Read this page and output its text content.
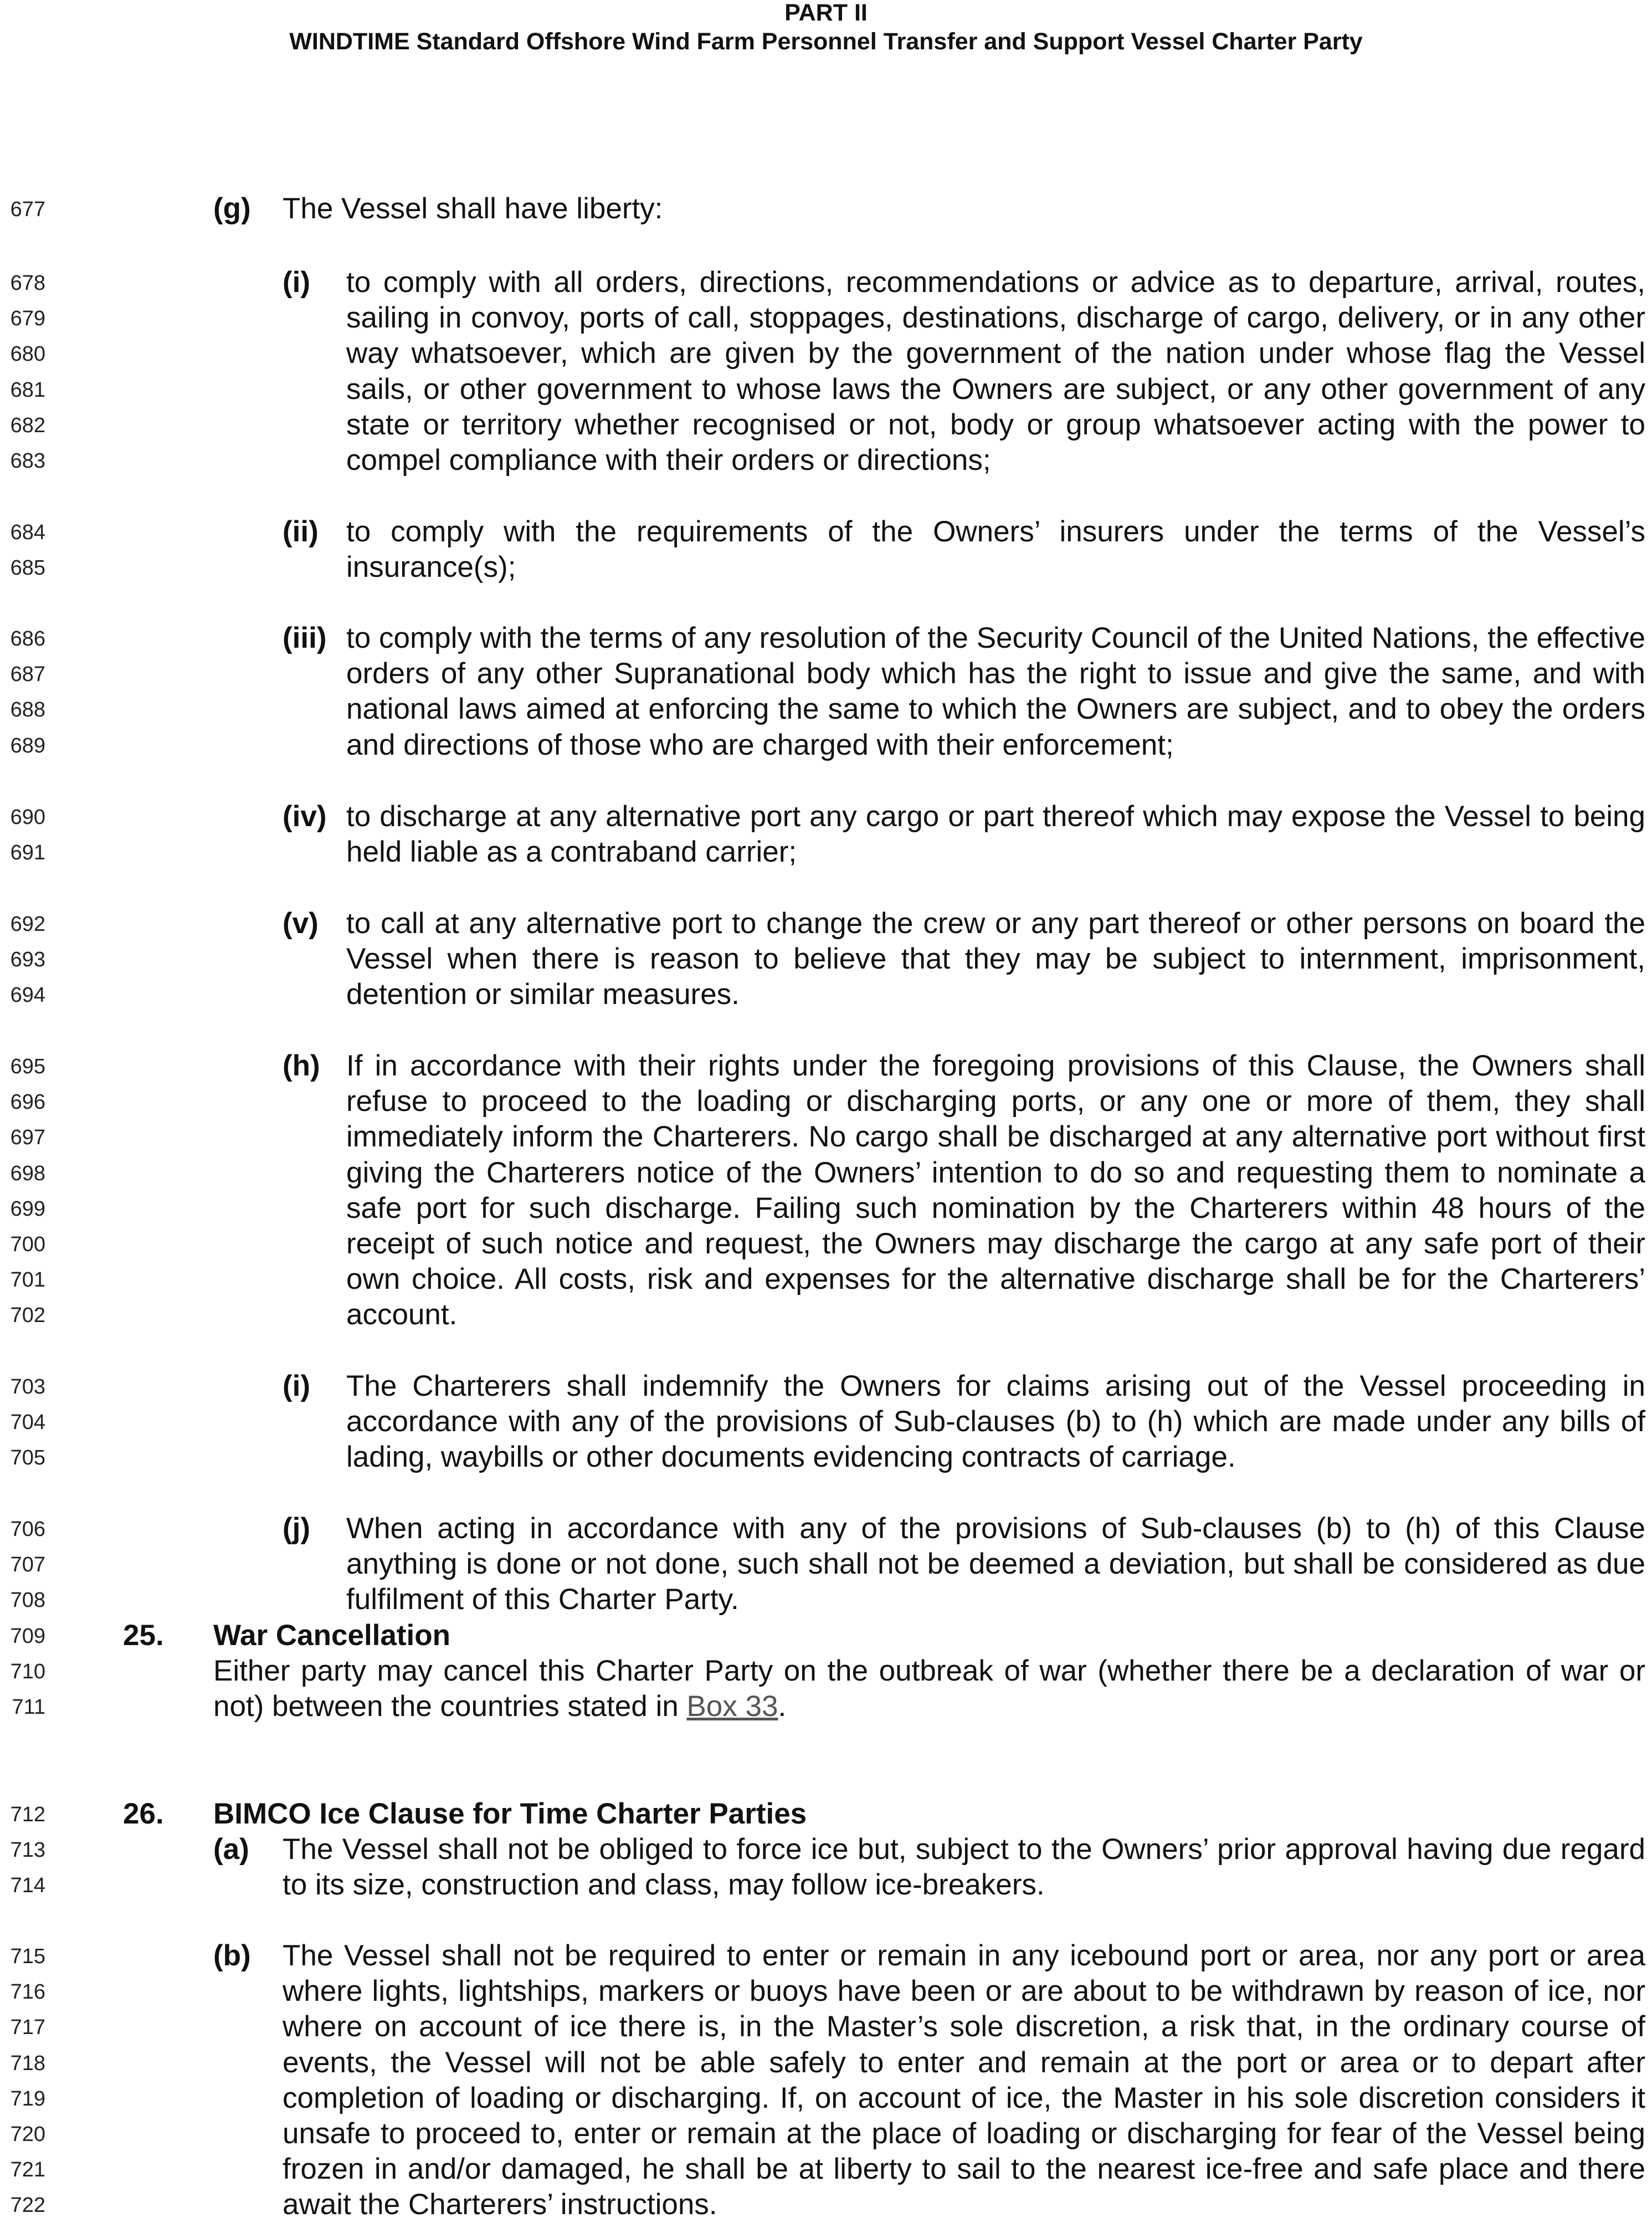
PART II
WINDTIME Standard Offshore Wind Farm Personnel Transfer and Support Vessel Charter Party
677
678
679
680
681
682
683
684
685
686
687
688
689
690
691
692
693
694
695
696
697
698
699
700
701
702
703
704
705
706
707
708
709
710
711
712
713
714
715
716
717
718
719
720
721
722
(g) The Vessel shall have liberty:
(i) to comply with all orders, directions, recommendations or advice as to departure, arrival, routes, sailing in convoy, ports of call, stoppages, destinations, discharge of cargo, delivery, or in any other way whatsoever, which are given by the government of the nation under whose flag the Vessel sails, or other government to whose laws the Owners are subject, or any other government of any state or territory whether recognised or not, body or group whatsoever acting with the power to compel compliance with their orders or directions;
(ii) to comply with the requirements of the Owners’ insurers under the terms of the Vessel’s insurance(s);
(iii) to comply with the terms of any resolution of the Security Council of the United Nations, the effective orders of any other Supranational body which has the right to issue and give the same, and with national laws aimed at enforcing the same to which the Owners are subject, and to obey the orders and directions of those who are charged with their enforcement;
(iv) to discharge at any alternative port any cargo or part thereof which may expose the Vessel to being held liable as a contraband carrier;
(v) to call at any alternative port to change the crew or any part thereof or other persons on board the Vessel when there is reason to believe that they may be subject to internment, imprisonment, detention or similar measures.
(h) If in accordance with their rights under the foregoing provisions of this Clause, the Owners shall refuse to proceed to the loading or discharging ports, or any one or more of them, they shall immediately inform the Charterers. No cargo shall be discharged at any alternative port without first giving the Charterers notice of the Owners’ intention to do so and requesting them to nominate a safe port for such discharge. Failing such nomination by the Charterers within 48 hours of the receipt of such notice and request, the Owners may discharge the cargo at any safe port of their own choice. All costs, risk and expenses for the alternative discharge shall be for the Charterers’ account.
(i) The Charterers shall indemnify the Owners for claims arising out of the Vessel proceeding in accordance with any of the provisions of Sub-clauses (b) to (h) which are made under any bills of lading, waybills or other documents evidencing contracts of carriage.
(j) When acting in accordance with any of the provisions of Sub-clauses (b) to (h) of this Clause anything is done or not done, such shall not be deemed a deviation, but shall be considered as due fulfilment of this Charter Party.
25. War Cancellation
Either party may cancel this Charter Party on the outbreak of war (whether there be a declaration of war or not) between the countries stated in Box 33.
26. BIMCO Ice Clause for Time Charter Parties
(a) The Vessel shall not be obliged to force ice but, subject to the Owners’ prior approval having due regard to its size, construction and class, may follow ice-breakers.
(b) The Vessel shall not be required to enter or remain in any icebound port or area, nor any port or area where lights, lightships, markers or buoys have been or are about to be withdrawn by reason of ice, nor where on account of ice there is, in the Master’s sole discretion, a risk that, in the ordinary course of events, the Vessel will not be able safely to enter and remain at the port or area or to depart after completion of loading or discharging. If, on account of ice, the Master in his sole discretion considers it unsafe to proceed to, enter or remain at the place of loading or discharging for fear of the Vessel being frozen in and/or damaged, he shall be at liberty to sail to the nearest ice-free and safe place and there await the Charterers’ instructions.
